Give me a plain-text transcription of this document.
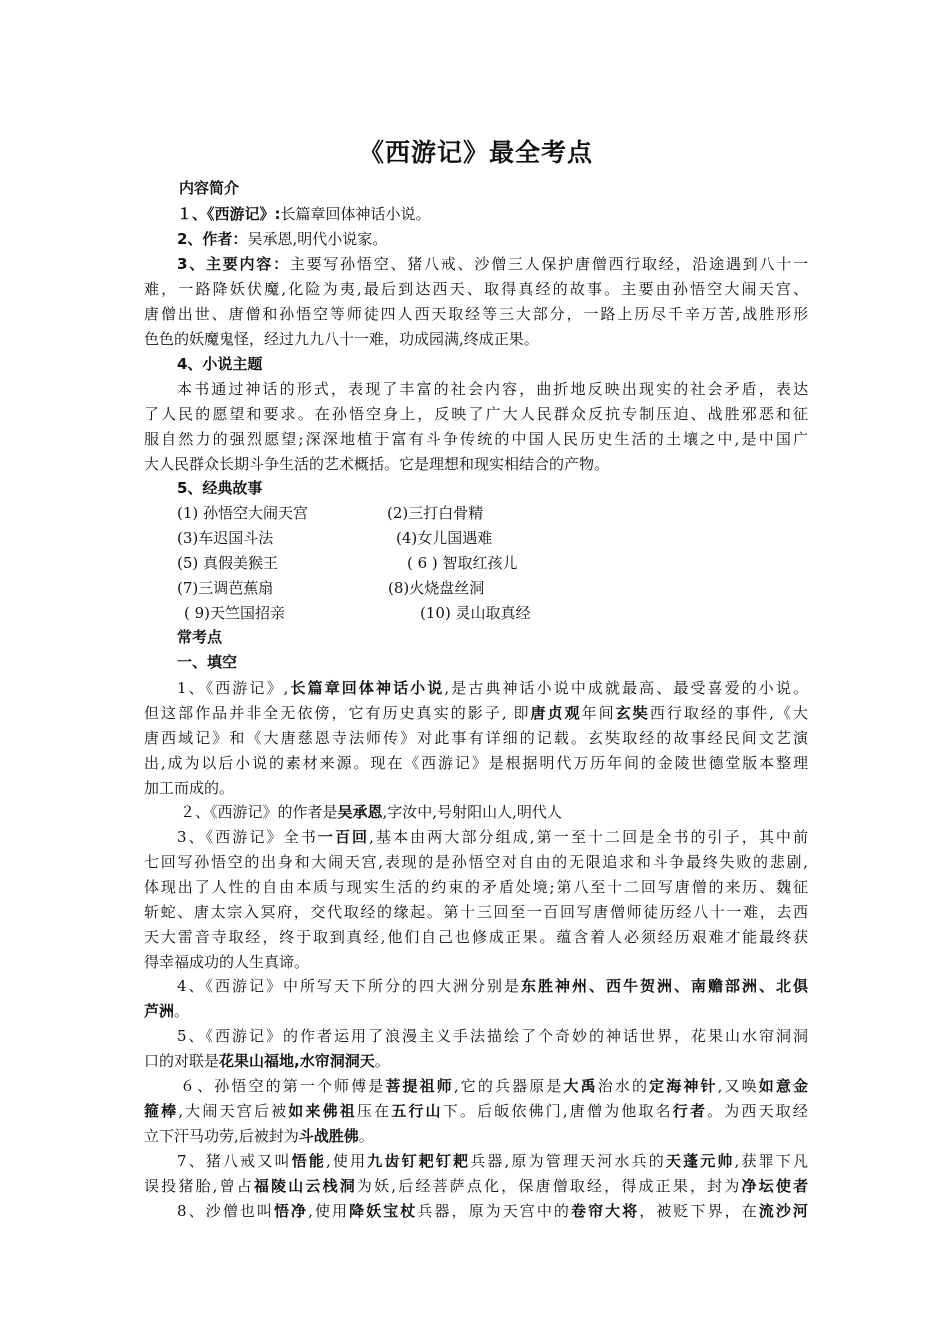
《西游记》最全考点
内容简介
１、《西游记》:长篇章回体神话小说。
2、作者：吴承恩,明代小说家。
3、主要内容：主要写孙悟空、猪八戒、沙僧三人保护唐僧西行取经，沿途遇到八十一
难，一路降妖伏魔,化险为夷,最后到达西天、取得真经的故事。主要由孙悟空大闹天宫、
唐僧出世、唐僧和孙悟空等师徒四人西天取经等三大部分，一路上历尽千辛万苦,战胜形形
色色的妖魔鬼怪，经过九九八十一难，功成园满,终成正果。
4、小说主题
本书通过神话的形式，表现了丰富的社会内容，曲折地反映出现实的社会矛盾，表达
了人民的愿望和要求。在孙悟空身上，反映了广大人民群众反抗专制压迫、战胜邪恶和征
服自然力的强烈愿望;深深地植于富有斗争传统的中国人民历史生活的土壤之中,是中国广
大人民群众长期斗争生活的艺术概括。它是理想和现实相结合的产物。
5、经典故事
(1) 孙悟空大闹天宫	(2)三打白骨精
(3)车迟国斗法	(4)女儿国遇难
(5) 真假美猴王	( 6 ) 智取红孩儿
(7)三调芭蕉扇	(8)火烧盘丝洞
( 9)天竺国招亲	(10) 灵山取真经
常考点
一、填空
1、《西游记》,长篇章回体神话小说,是古典神话小说中成就最高、最受喜爱的小说。
但这部作品并非全无依傍，它有历史真实的影子, 即唐贞观年间玄奘西行取经的事件,《大
唐西域记》和《大唐慈恩寺法师传》对此事有详细的记载。玄奘取经的故事经民间文艺演
出,成为以后小说的素材来源。现在《西游记》是根据明代万历年间的金陵世德堂版本整理
加工而成的。
２、《西游记》的作者是吴承恩,字汝中,号射阳山人,明代人
3、《西游记》全书一百回,基本由两大部分组成,第一至十二回是全书的引子，其中前
七回写孙悟空的出身和大闹天宫,表现的是孙悟空对自由的无限追求和斗争最终失败的悲剧,
体现出了人性的自由本质与现实生活的约束的矛盾处境;第八至十二回写唐僧的来历、魏征
斩蛇、唐太宗入冥府，交代取经的缘起。第十三回至一百回写唐僧师徒历经八十一难，去西
天大雷音寺取经，终于取到真经,他们自己也修成正果。蕴含着人必须经历艰难才能最终获
得幸福成功的人生真谛。
4、《西游记》中所写天下所分的四大洲分别是东胜神州、西牛贺洲、南赡部洲、北俱
芦洲。
5、《西游记》的作者运用了浪漫主义手法描绘了个奇妙的神话世界，花果山水帘洞洞
口的对联是花果山福地,水帘洞洞天。
６、孙悟空的第一个师傅是菩提祖师,它的兵器原是大禹治水的定海神针,又唤如意金
箍棒,大闹天宫后被如来佛祖压在五行山下。后皈依佛门,唐僧为他取名行者。为西天取经
立下汗马功劳,后被封为斗战胜佛。
7、猪八戒又叫悟能,使用九齿钉耙钉耙兵器,原为管理天河水兵的天蓬元帅,获罪下凡
误投猪胎,曾占福陵山云栈洞为妖,后经菩萨点化，保唐僧取经，得成正果，封为净坛使者
8、沙僧也叫悟净,使用降妖宝杖兵器，原为天宫中的卷帘大将，被贬下界，在流沙河
